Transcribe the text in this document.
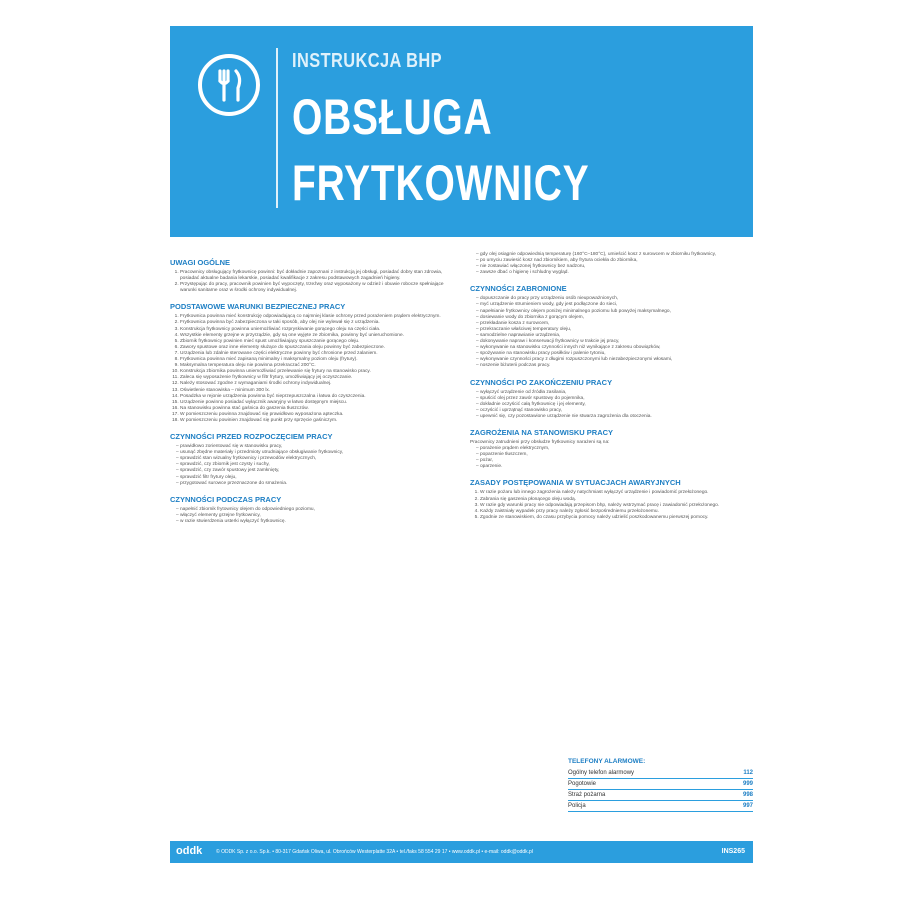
INSTRUKCJA BHP
OBSŁUGA
FRYTKOWNICY
UWAGI OGÓLNE
1. Pracownicy obsługujący frytkownicę powinni: być dokładnie zapoznani z instrukcją jej obsługi, posiadać dobry stan zdrowia, posiadać aktualne badania lekarskie, posiadać kwalifikacje z zakresu podstawowych zagadnień higieny.
2. Przystępując do pracy, pracownik powinien być wypoczęty, trzeźwy oraz wyposażony w odzież i obuwie robocze spełniające warunki sanitarne oraz w środki ochrony indywidualnej.
PODSTAWOWE WARUNKI BEZPIECZNEJ PRACY
1. Frytkownica powinna mieć konstrukcję odpowiadającą co najmniej klasie ochrony przed porażeniem prądem elektrycznym.
2. Frytkownica powinna być zabezpieczona w taki sposób, aby olej nie wylewał się z urządzenia.
3. Konstrukcja frytkownicy powinna uniemożliwiać rozpryskiwanie gorącego oleju na części ciała.
4. Wszystkie elementy grzejne w przyrządzie, gdy są one wyjęte ze zbiornika, powinny być unieruchomione.
5. Zbiornik frytkownicy powinien mieć spust umożliwiający spuszczanie gorącego oleju.
6. Zawory spustowe oraz inne elementy służące do spuszczania oleju powinny być zabezpieczone.
7. Urządzenia lub zdalnie sterowane części elektryczne powinny być chronione przed zalaniem.
8. Frytkownica powinna mieć zapisaną minimalny i maksymalny poziom oleju (frytury).
9. Maksymalna temperatura oleju nie powinna przekraczać 200°C.
10. Konstrukcja zbiornika powinna uniemożliwiać przelewanie się frytury na stanowisko pracy.
11. Zaleca się wyposażenie frytkownicy w filtr frytury, umożliwiający jej oczyszczanie.
12. Należy stosować zgodne z wymaganiami środki ochrony indywidualnej.
13. Oświetlenie stanowiska – minimum 300 lx.
14. Posadzka w rejonie urządzenia powinna być nieprzepuszczalna i łatwa do czyszczenia.
15. Urządzenie powinno posiadać wyłącznik awaryjny w łatwo dostępnym miejscu.
16. Na stanowisku powinna stać gaśnica do gaszenia tłuszczów.
17. W pomieszczeniu powinna znajdować się prawidłowo wyposażona apteczka.
18. W pomieszczeniu powinien znajdować się punkt przy sprzęcie gaśniczym.
CZYNNOŚCI PRZED ROZPOCZĘCIEM PRACY
– prawidłowo zorientować się w stanowisku pracy,
– usunąć zbędne materiały i przedmioty utrudniające obsługiwanie frytkownicy,
– sprawdzić stan wizualny frytkownicy i przewodów elektrycznych,
– sprawdzić, czy zbiornik jest czysty i suchy,
– sprawdzić, czy zawór spustowy jest zamknięty,
– sprawdzić filtr frytury oleju,
– przygotować surowce przeznaczone do smażenia.
CZYNNOŚCI PODCZAS PRACY
– napełnić zbiornik frytownicy olejem do odpowiedniego poziomu,
– włączyć elementy grzejne frytkownicy,
– w razie stwierdzenia usterki wyłączyć frytkownicę.
– gdy olej osiągnie odpowiednią temperaturę (160°C–180°C), umieścić kosz z surowcem w zbiorniku frytkownicy,
– po umyciu zawiesić kosz nad zbiornikiem, aby frytura ociekła do zbiornika,
– nie zostawiać włączonej frytkownicy bez nadzoru,
– zawsze dbać o higienę i schludny wygląd.
CZYNNOŚCI ZABRONIONE
– dopuszczanie do pracy przy urządzeniu osób nieupoważnionych,
– myć urządzenie strumieniem wody, gdy jest podłączone do sieci,
– napełnianie frytkownicy olejem poniżej minimalnego poziomu lub powyżej maksymalnego,
– dosiewanie wody do zbiornika z gorącym olejem,
– przekładanie kosza z surowcem,
– przekraczanie właściwej temperatury oleju,
– samodzielne naprawianie urządzenia,
– dokonywanie napraw i konserwacji frytkownicy w trakcie jej pracy,
– wykonywanie na stanowisku czynności innych niż wynikające z zakresu obowiązków,
– spożywanie na stanowisku pracy posiłków i palenie tytoniu,
– wykonywanie czynności pracy z długimi rozpuszczonymi lub niezabezpieczonymi włosami,
– noszenie biżuterii podczas pracy.
CZYNNOŚCI PO ZAKOŃCZENIU PRACY
– wyłączyć urządzenie od źródła zasilania,
– spuścić olej przez zawór spustowy do pojemnika,
– dokładnie oczyścić całą frytkownicę i jej elementy,
– oczyścić i uprzątnąć stanowisko pracy,
– upewnić się, czy pozostawione urządzenie nie stwarza zagrożenia dla otoczenia.
ZAGROŻENIA NA STANOWISKU PRACY

Pracownicy zatrudnieni przy obsłudze frytkownicy narażeni są na:

– porażenie prądem elektrycznym,
– poparzenie tłuszczem,
– pożar,
– oparzenie.
ZASADY POSTĘPOWANIA W SYTUACJACH AWARYJNYCH
1. W razie pożaru lub innego zagrożenia należy natychmiast wyłączyć urządzenie i powiadomić przełożonego.
2. Zabrania się gaszenia płonącego oleju wodą.
3. W razie gdy warunki pracy nie odpowiadają przepisom bhp, należy wstrzymać pracę i zawiadomić przełożonego.
4. Każdy zaistniały wypadek przy pracy należy zgłosić bezpośredniemu przełożonemu.
5. Zgodnie ze stanowiskiem, do czasu przybycia pomocy należy udzielić poszkodowanemu pierwszej pomocy.
TELEFONY ALARMOWE:
Ogólny telefon alarmowy	112
Pogotowie	999
Straż pożarna	998
Policja	997
oddk	© ODDK Sp. z o.o. Sp.k. • 80-317 Gdańsk Oliwa, ul. Obrońców Westerplatte 32A • tel./faks 58 554 29 17 • www.oddk.pl • e-mail: oddk@oddk.pl	INS265
